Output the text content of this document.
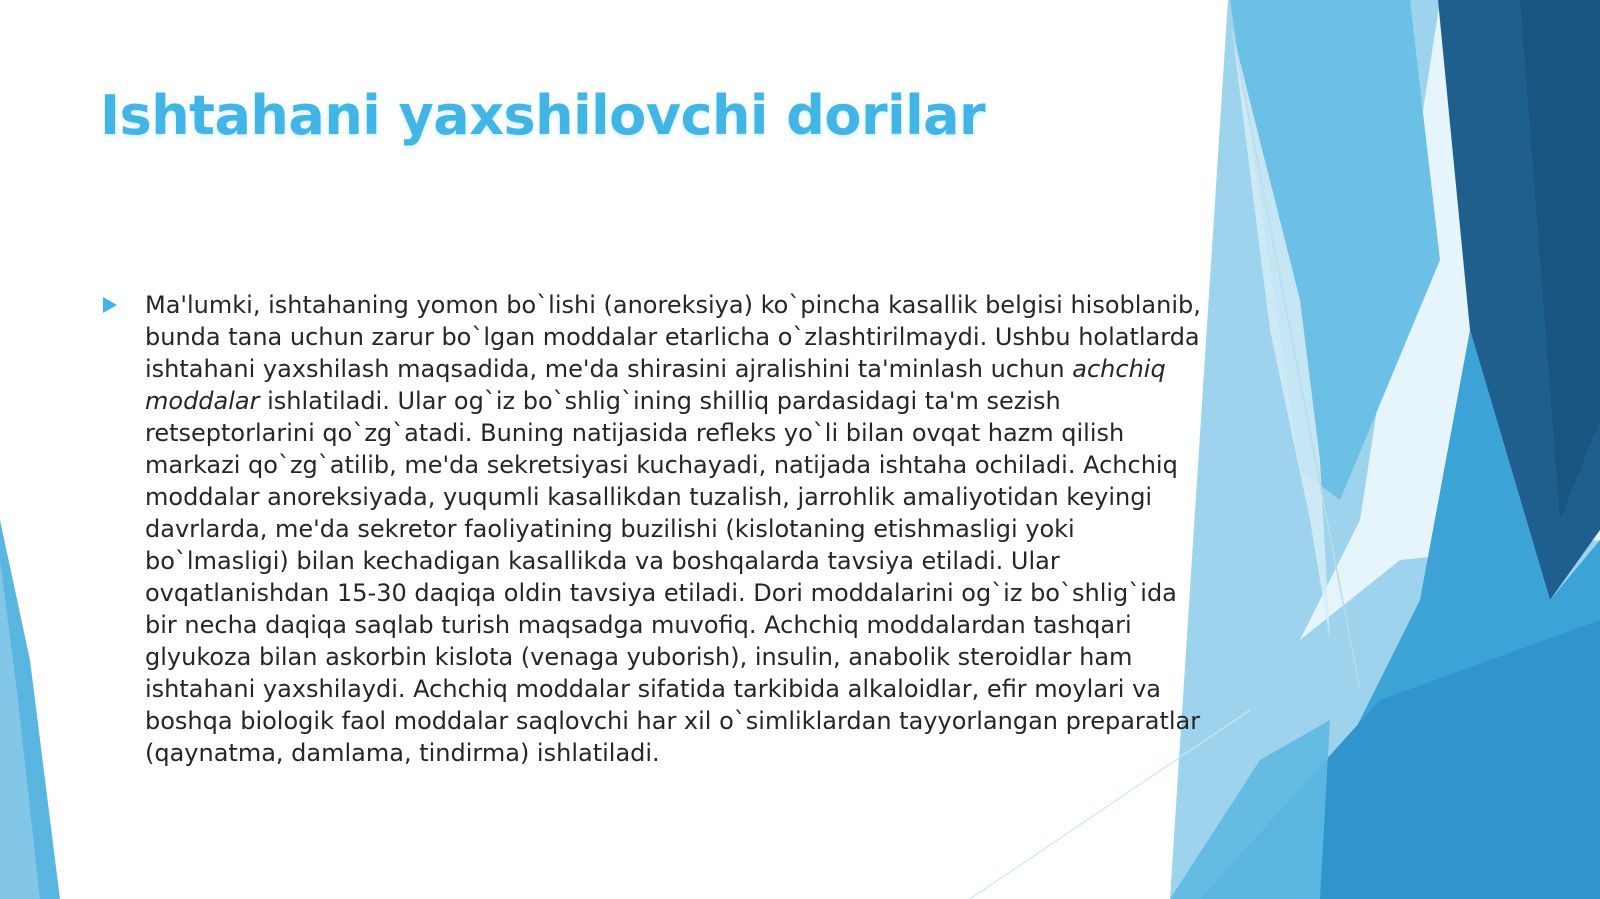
Ishtahani yaxshilovchi dorilar

Ma'lumki, ishtahaning yomon bo`lishi (anoreksiya) ko`pincha kasallik belgisi hisoblanib, bunda tana uchun zarur bo`lgan moddalar etarlicha o`zlashtirilmaydi. Ushbu holatlarda ishtahani yaxshilash maqsadida, me'da shirasini ajralishini ta'minlash uchun achchiq moddalar ishlatiladi. Ular og`iz bo`shlig`ining shilliq pardasidagi ta'm sezish retseptorlarini qo`zg`atadi. Buning natijasida refleks yo`li bilan ovqat hazm qilish markazi qo`zg`atilib, me'da sekretsiyasi kuchayadi, natijada ishtaha ochiladi. Achchiq moddalar anoreksiyada, yuqumli kasallikdan tuzalish, jarrohlik amaliyotidan keyingi davrlarda, me'da sekretor faoliyatining buzilishi (kislotaning etishmasligi yoki bo`lmasligi) bilan kechadigan kasallikda va boshqalarda tavsiya etiladi. Ular ovqatlanishdan 15-30 daqiqa oldin tavsiya etiladi. Dori moddalarini og`iz bo`shlig`ida bir necha daqiqa saqlab turish maqsadga muvofiq. Achchiq moddalardan tashqari glyukoza bilan askorbin kislota (venaga yuborish), insulin, anabolik steroidlar ham ishtahani yaxshilaydi. Achchiq moddalar sifatida tarkibida alkaloidlar, efir moylari va boshqa biologik faol moddalar saqlovchi har xil o`simliklardan tayyorlangan preparatlar (qaynatma, damlama, tindirma) ishlatiladi.
